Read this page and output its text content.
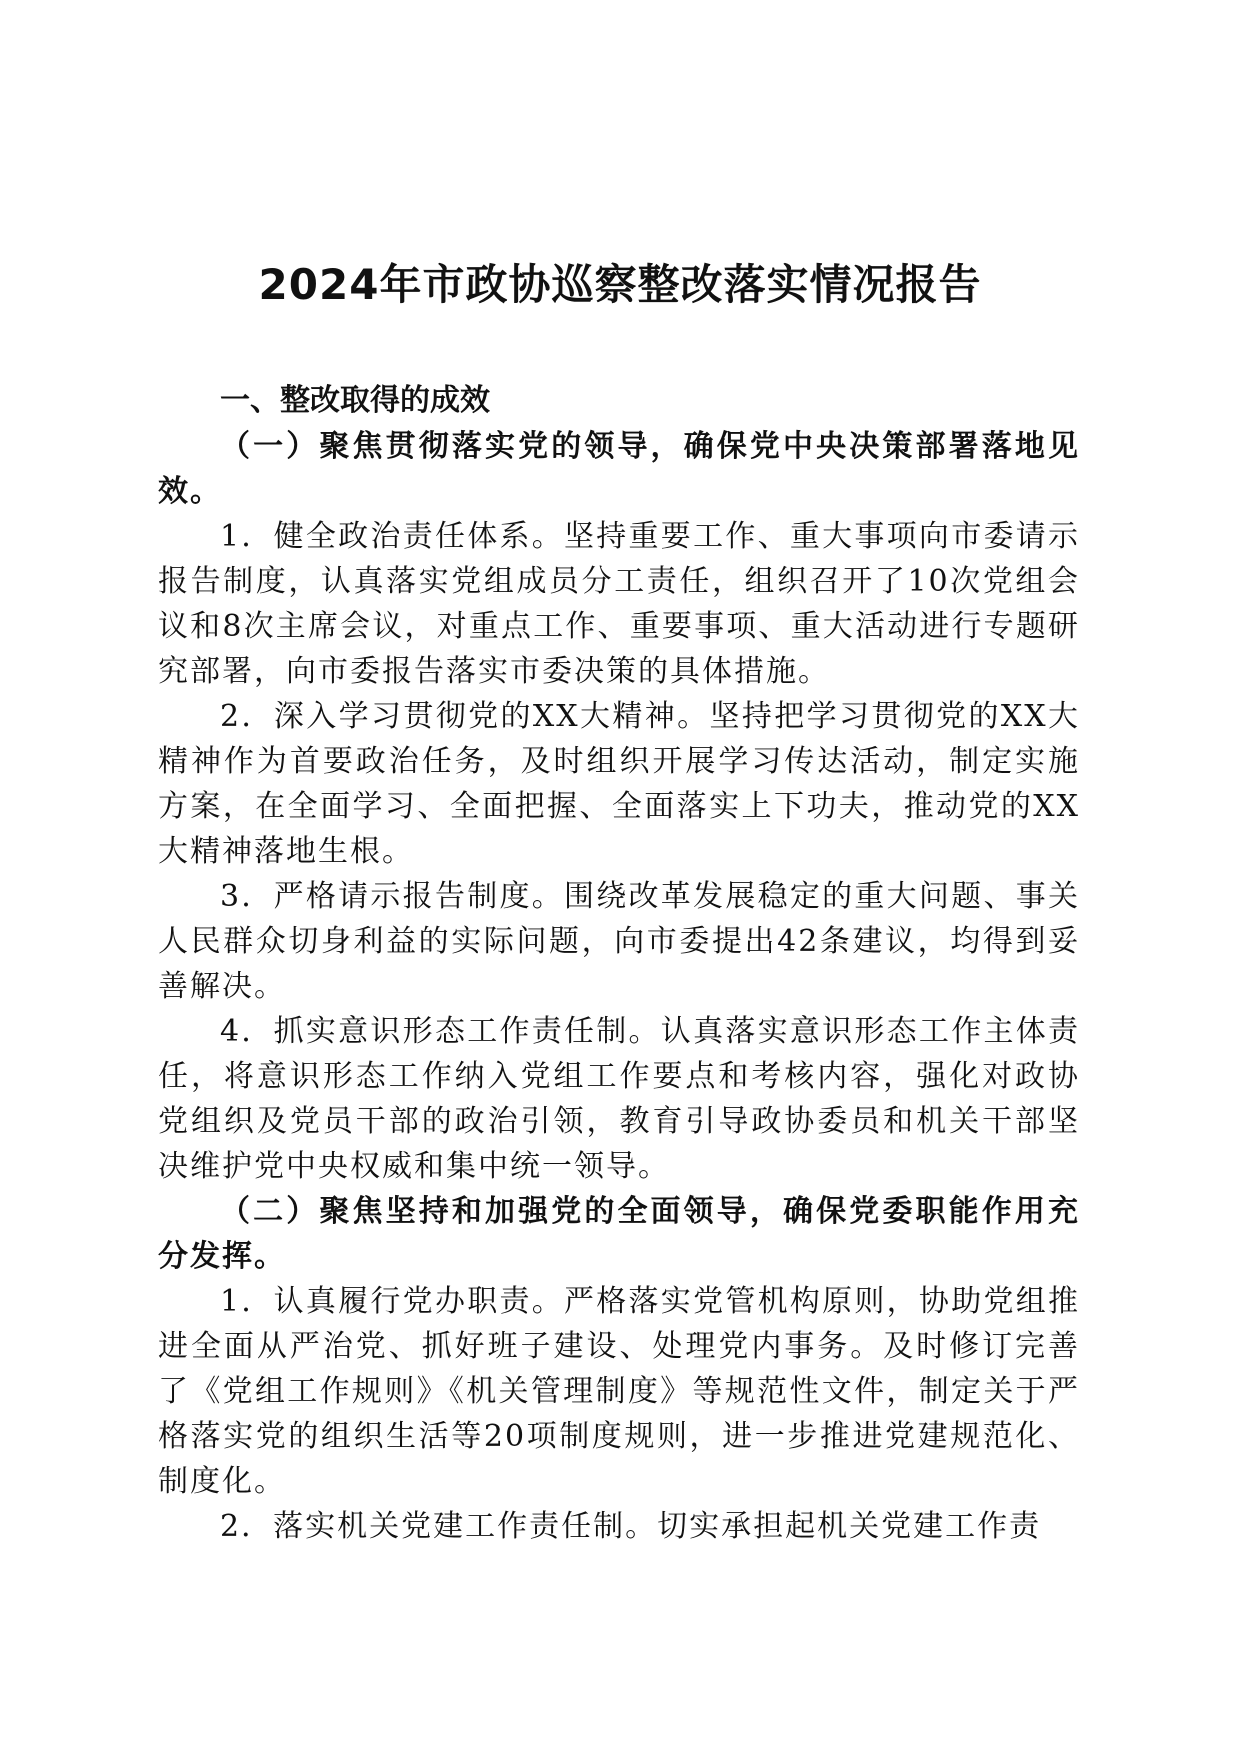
2024年市政协巡察整改落实情况报告
一、整改取得的成效

（一）聚焦贯彻落实党的领导，确保党中央决策部署落地见效。

1．健全政治责任体系。坚持重要工作、重大事项向市委请示报告制度，认真落实党组成员分工责任，组织召开了10次党组会议和8次主席会议，对重点工作、重要事项、重大活动进行专题研究部署，向市委报告落实市委决策的具体措施。

2．深入学习贯彻党的XX大精神。坚持把学习贯彻党的XX大精神作为首要政治任务，及时组织开展学习传达活动，制定实施方案，在全面学习、全面把握、全面落实上下功夫，推动党的XX大精神落地生根。

3．严格请示报告制度。围绕改革发展稳定的重大问题、事关人民群众切身利益的实际问题，向市委提出42条建议，均得到妥善解决。

4．抓实意识形态工作责任制。认真落实意识形态工作主体责任，将意识形态工作纳入党组工作要点和考核内容，强化对政协党组织及党员干部的政治引领，教育引导政协委员和机关干部坚决维护党中央权威和集中统一领导。

（二）聚焦坚持和加强党的全面领导，确保党委职能作用充分发挥。

1．认真履行党办职责。严格落实党管机构原则，协助党组推进全面从严治党、抓好班子建设、处理党内事务。及时修订完善了《党组工作规则》《机关管理制度》等规范性文件，制定关于严格落实党的组织生活等20项制度规则，进一步推进党建规范化、制度化。

2．落实机关党建工作责任制。切实承担起机关党建工作责
